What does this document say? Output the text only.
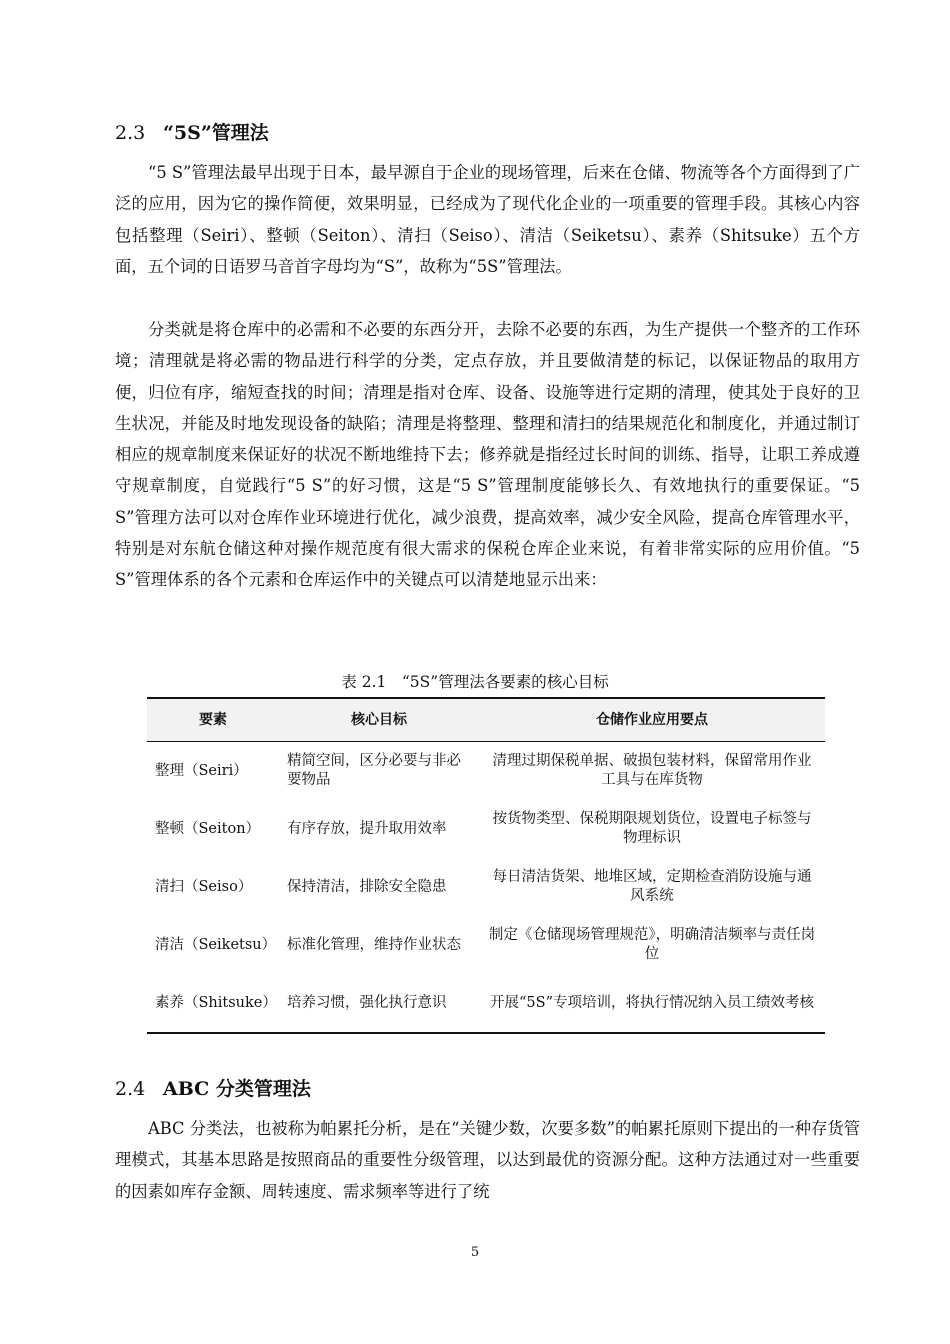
2.3 “5S”管理法

“5 S”管理法最早出现于日本，最早源自于企业的现场管理，后来在仓储、物流等各个方面得到了广泛的应用，因为它的操作简便，效果明显，已经成为了现代化企业的一项重要的管理手段。其核心内容包括整理（Seiri）、整顿（Seiton）、清扫（Seiso）、清洁（Seiketsu）、素养（Shitsuke）五个方面，五个词的日语罗马音首字母均为“S”，故称为“5S”管理法。

分类就是将仓库中的必需和不必要的东西分开，去除不必要的东西，为生产提供一个整齐的工作环境；清理就是将必需的物品进行科学的分类，定点存放，并且要做清楚的标记，以保证物品的取用方便，归位有序，缩短查找的时间；清理是指对仓库、设备、设施等进行定期的清理，使其处于良好的卫生状况，并能及时地发现设备的缺陷；清理是将整理、整理和清扫的结果规范化和制度化，并通过制订相应的规章制度来保证好的状况不断地维持下去；修养就是指经过长时间的训练、指导，让职工养成遵守规章制度，自觉践行“5 S”的好习惯，这是“5 S”管理制度能够长久、有效地执行的重要保证。“5 S”管理方法可以对仓库作业环境进行优化，减少浪费，提高效率，减少安全风险，提高仓库管理水平，特别是对东航仓储这种对操作规范度有很大需求的保税仓库企业来说，有着非常实际的应用价值。“5 S”管理体系的各个元素和仓库运作中的关键点可以清楚地显示出来：

表 2.1　“5S”管理法各要素的核心目标
要素	核心目标	仓储作业应用要点
整理（Seiri）	精简空间，区分必要与非必要物品	清理过期保税单据、破损包装材料，保留常用作业工具与在库货物
整顿（Seiton）	有序存放，提升取用效率	按货物类型、保税期限规划货位，设置电子标签与物理标识
清扫（Seiso）	保持清洁，排除安全隐患	每日清洁货架、地堆区域，定期检查消防设施与通风系统
清洁（Seiketsu）	标准化管理，维持作业状态	制定《仓储现场管理规范》，明确清洁频率与责任岗位
素养（Shitsuke）	培养习惯，强化执行意识	开展“5S”专项培训，将执行情况纳入员工绩效考核
2.4 ABC 分类管理法

ABC 分类法，也被称为帕累托分析，是在“关键少数，次要多数”的帕累托原则下提出的一种存货管理模式，其基本思路是按照商品的重要性分级管理，以达到最优的资源分配。这种方法通过对一些重要的因素如库存金额、周转速度、需求频率等进行了统

5
